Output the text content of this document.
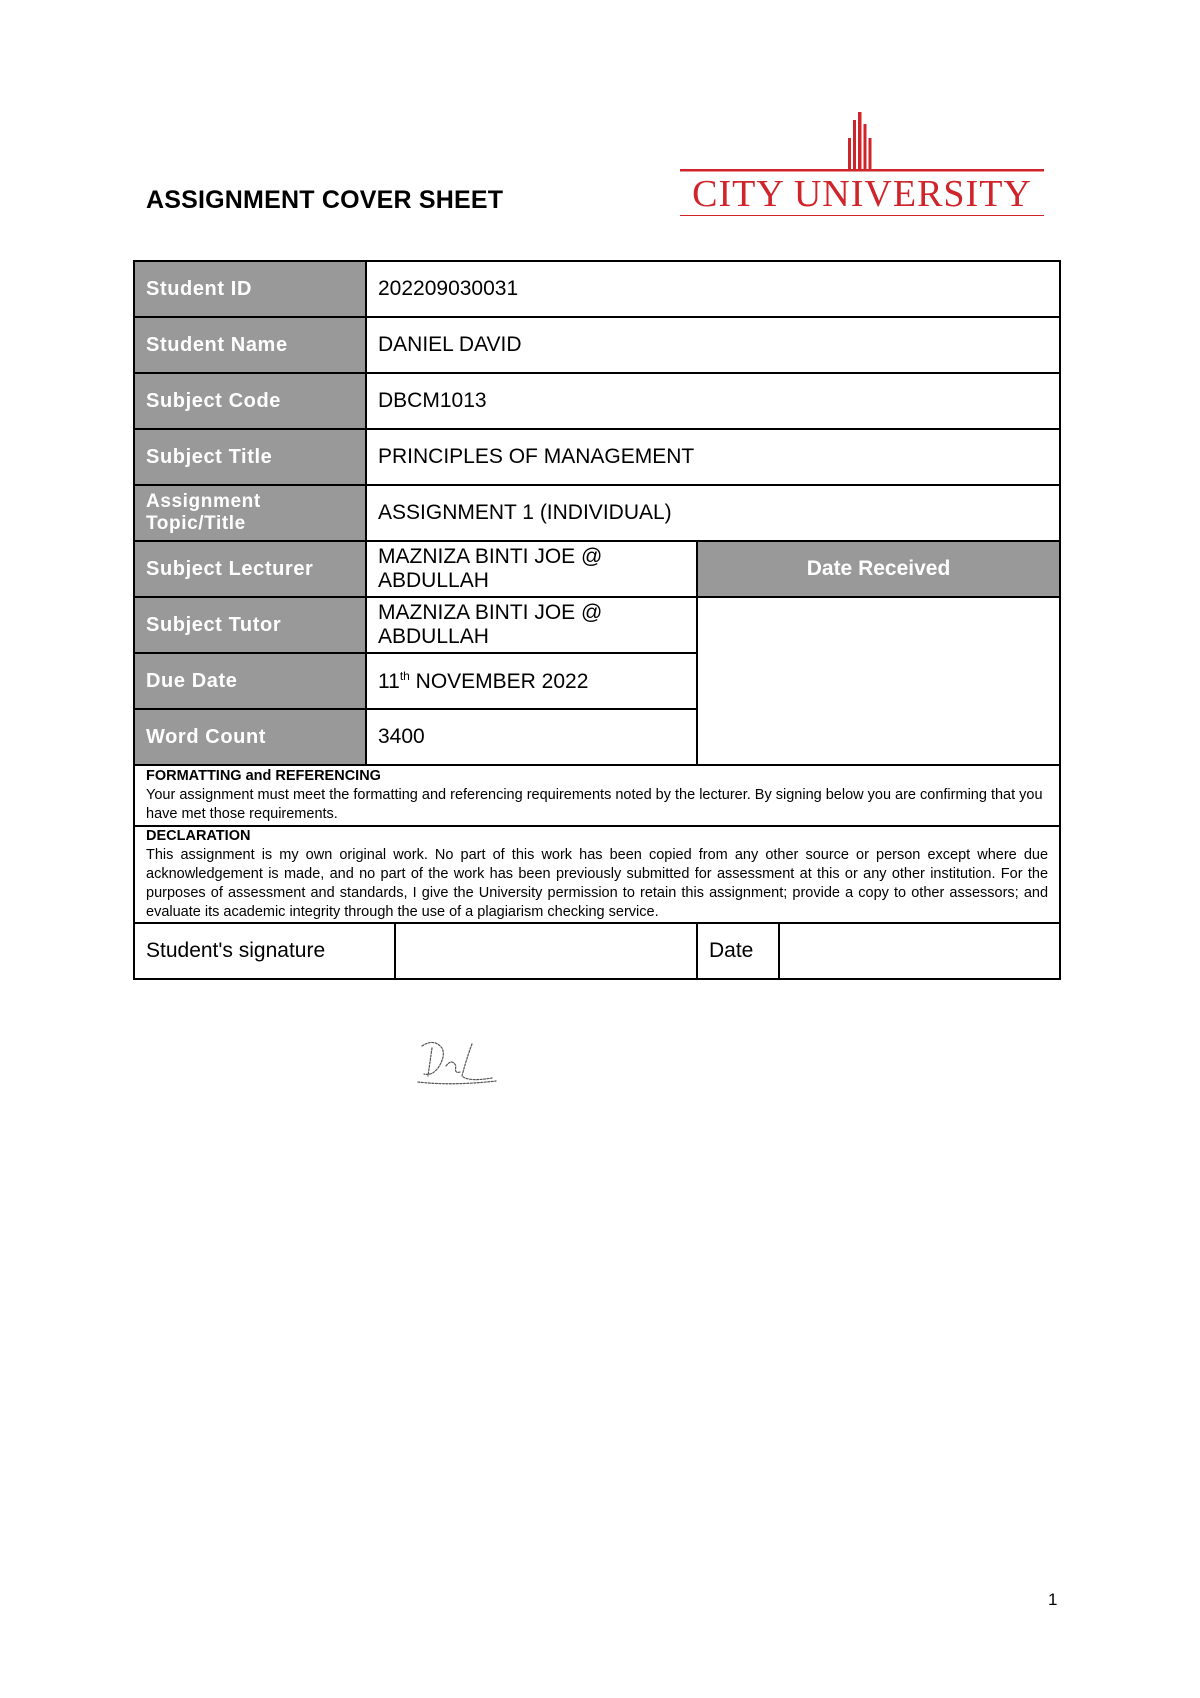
ASSIGNMENT COVER SHEET	CITY UNIVERSITY
Student ID	202209030031			
Student Name	DANIEL DAVID			
Subject Code	DBCM1013			
Subject Title	PRINCIPLES OF MANAGEMENT			
Assignment
Topic/Title	ASSIGNMENT 1 (INDIVIDUAL)			
Subject Lecturer	MAZNIZA BINTI JOE @ ABDULLAH		Date Received	
Subject Tutor	MAZNIZA BINTI JOE @ ABDULLAH			
Due Date	11th NOVEMBER 2022			
Word Count	3400			

FORMATTING and REFERENCING
Your assignment must meet the formatting and referencing requirements noted by the lecturer. By signing below you are confirming that you have met those requirements.				

DECLARATION
This assignment is my own original work. No part of this work has been copied from any other source or person except where due acknowledgement is made, and no part of the work has been previously submitted for assessment at this or any other institution. For the purposes of assessment and standards, I give the University permission to retain this assignment; provide a copy to other assessors; and evaluate its academic integrity through the use of a plagiarism checking service.				
Student's signature			Date	
1
